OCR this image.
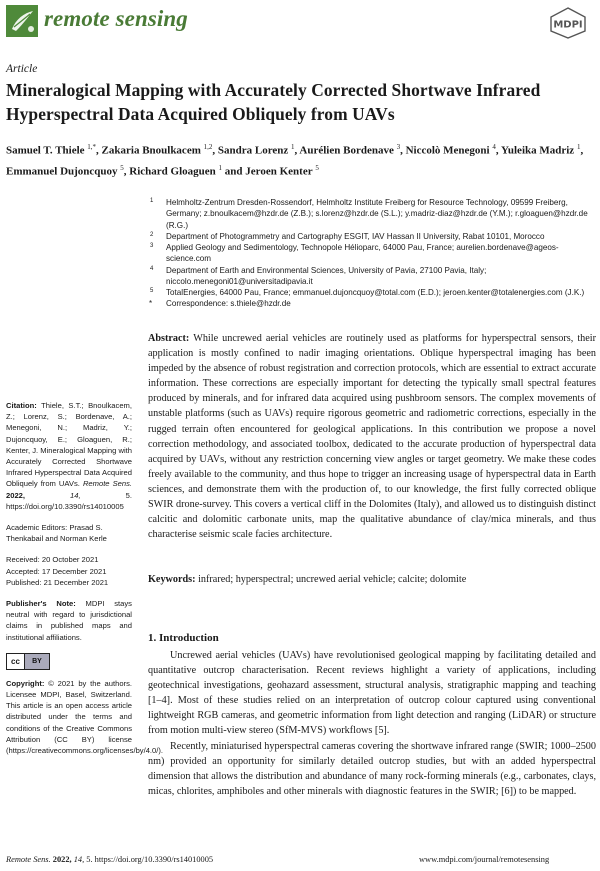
remote sensing	MDPI
Article
Mineralogical Mapping with Accurately Corrected Shortwave Infrared Hyperspectral Data Acquired Obliquely from UAVs
Samuel T. Thiele $^{1,*}$, Zakaria Bnoulkacem $^{1,2}$, Sandra Lorenz $^1$, Aurélien Bordenave $^3$, Niccolò Menegoni $^4$, Yuleika Madriz $^1$, Emmanuel Dujoncquoy $^5$, Richard Gloaguen $^1$ and Jeroen Kenter $^5$
1 Helmholtz-Zentrum Dresden-Rossendorf, Helmholtz Institute Freiberg for Resource Technology, 09599 Freiberg, Germany; z.bnoulkacem@hzdr.de (Z.B.); s.lorenz@hzdr.de (S.L.); y.madriz-diaz@hzdr.de (Y.M.); r.gloaguen@hzdr.de (R.G.)
2 Department of Photogrammetry and Cartography ESGIT, IAV Hassan II University, Rabat 10101, Morocco
3 Applied Geology and Sedimentology, Technopole Hélioparc, 64000 Pau, France; aurelien.bordenave@ageos-science.com
4 Department of Earth and Environmental Sciences, University of Pavia, 27100 Pavia, Italy; niccolo.menegoni01@universitadipavia.it
5 TotalEnergies, 64000 Pau, France; emmanuel.dujoncquoy@total.com (E.D.); jeroen.kenter@totalenergies.com (J.K.)
* Correspondence: s.thiele@hzdr.de

Abstract: While uncrewed aerial vehicles are routinely used as platforms for hyperspectral sensors, their application is mostly confined to nadir imaging orientations. Oblique hyperspectral imaging has been impeded by the absence of robust registration and correction protocols, which are essential to extract accurate information. These corrections are especially important for detecting the typically small spectral features produced by minerals, and for infrared data acquired using pushbroom sensors. The complex movements of unstable platforms (such as UAVs) require rigorous geometric and radiometric corrections, especially in the rugged terrain often encountered for geological applications. In this contribution we propose a novel correction methodology, and associated toolbox, dedicated to the accurate production of hyperspectral data acquired by UAVs, without any restriction concerning view angles or target geometry. We make these codes freely available to the community, and thus hope to trigger an increasing usage of hyperspectral data in Earth sciences, and demonstrate them with the production of, to our knowledge, the first fully corrected oblique SWIR drone-survey. This covers a vertical cliff in the Dolomites (Italy), and allowed us to distinguish distinct calcitic and dolomitic carbonate units, map the qualitative abundance of clay/mica minerals, and thus characterise seismic scale facies architecture.

Keywords: infrared; hyperspectral; uncrewed aerial vehicle; calcite; dolomite

Citation: Thiele, S.T.; Bnoulkacem, Z.; Lorenz, S.; Bordenave, A.; Menegoni, N.; Madriz, Y.; Dujoncquoy, E.; Gloaguen, R.; Kenter, J. Mineralogical Mapping with Accurately Corrected Shortwave Infrared Hyperspectral Data Acquired Obliquely from UAVs. Remote Sens. 2022,	14,	5. https://doi.org/10.3390/rs14010005
Academic Editors: Prasad S. Thenkabail and Norman Kerle
Received: 20 October 2021
Accepted: 17 December 2021
Published: 21 December 2021
Publisher's Note: MDPI stays neutral with regard to jurisdictional claims in published maps and institutional affiliations.
cc	BY
Copyright: © 2021 by the authors. Licensee MDPI, Basel, Switzerland. This article is an open access article distributed under the terms and conditions of the Creative Commons Attribution (CC BY) license (https://creativecommons.org/licenses/by/4.0/).
1. Introduction

Uncrewed aerial vehicles (UAVs) have revolutionised geological mapping by facilitating detailed and quantitative outcrop characterisation. Recent reviews highlight a variety of applications, including geotechnical investigations, geohazard assessment, structural analysis, stratigraphic mapping and teaching [1–4]. Most of these studies relied on an interpretation of outcrop colour captured using conventional lightweight RGB cameras, and geometric information from light detection and ranging (LiDAR) or structure from motion multi-view stereo (SfM-MVS) workflows [5].

Recently, miniaturised hyperspectral cameras covering the shortwave infrared range (SWIR; 1000–2500 nm) provided an opportunity for similarly detailed outcrop studies, but with an added hyperspectral dimension that allows the distribution and abundance of many rock-forming minerals (e.g., carbonates, clays, micas, chlorites, amphiboles and other minerals with diagnostic features in the SWIR; [6]) to be mapped.

Remote Sens. 2022, 14, 5. https://doi.org/10.3390/rs14010005	www.mdpi.com/journal/remotesensing
